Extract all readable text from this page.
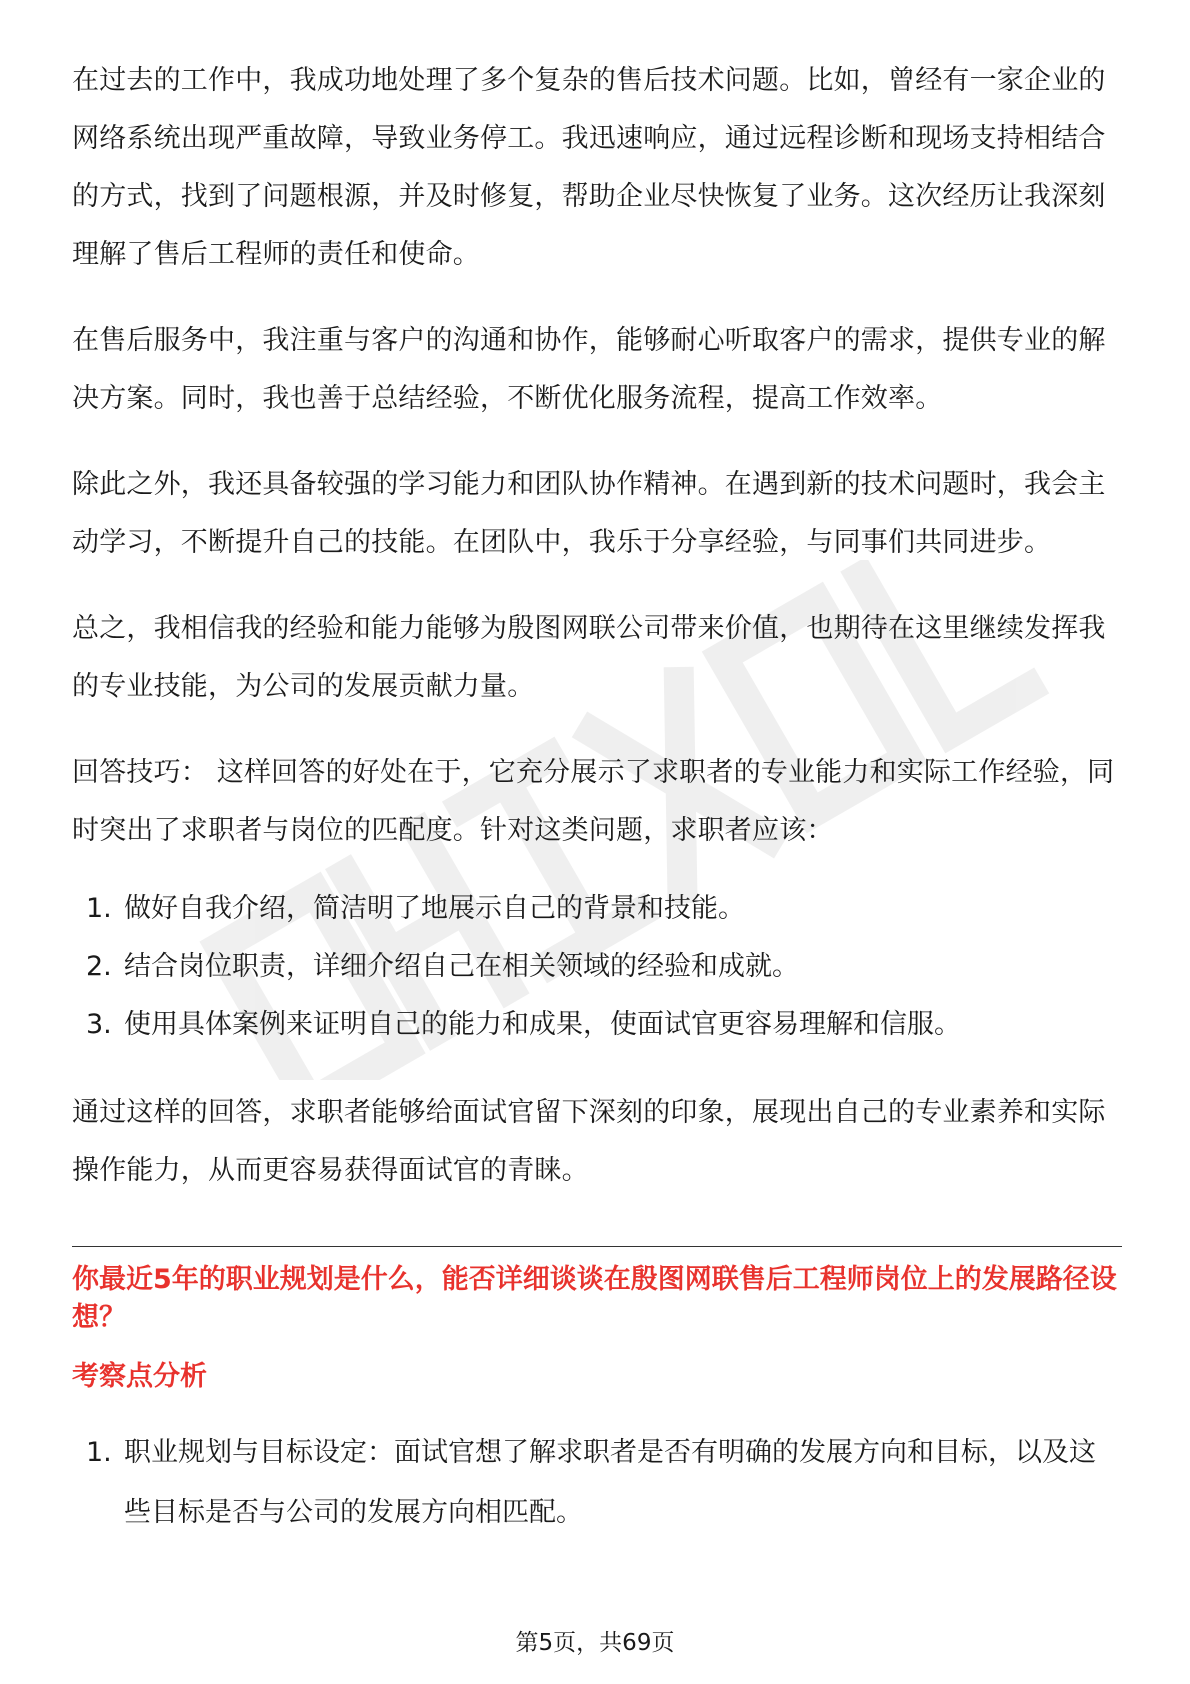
在过去的工作中，我成功地处理了多个复杂的售后技术问题。比如，曾经有一家企业的网络系统出现严重故障，导致业务停工。我迅速响应，通过远程诊断和现场支持相结合的方式，找到了问题根源，并及时修复，帮助企业尽快恢复了业务。这次经历让我深刻理解了售后工程师的责任和使命。

在售后服务中，我注重与客户的沟通和协作，能够耐心听取客户的需求，提供专业的解决方案。同时，我也善于总结经验，不断优化服务流程，提高工作效率。

除此之外，我还具备较强的学习能力和团队协作精神。在遇到新的技术问题时，我会主动学习，不断提升自己的技能。在团队中，我乐于分享经验，与同事们共同进步。

总之，我相信我的经验和能力能够为殷图网联公司带来价值，也期待在这里继续发挥我的专业技能，为公司的发展贡献力量。

回答技巧： 这样回答的好处在于，它充分展示了求职者的专业能力和实际工作经验，同时突出了求职者与岗位的匹配度。针对这类问题，求职者应该：

1. 做好自我介绍，简洁明了地展示自己的背景和技能。
2. 结合岗位职责，详细介绍自己在相关领域的经验和成就。
3. 使用具体案例来证明自己的能力和成果，使面试官更容易理解和信服。

通过这样的回答，求职者能够给面试官留下深刻的印象，展现出自己的专业素养和实际操作能力，从而更容易获得面试官的青睐。

你最近5年的职业规划是什么，能否详细谈谈在殷图网联售后工程师岗位上的发展路径设想？

考察点分析

1. 职业规划与目标设定：面试官想了解求职者是否有明确的发展方向和目标，以及这些目标是否与公司的发展方向相匹配。
第5页，共69页
